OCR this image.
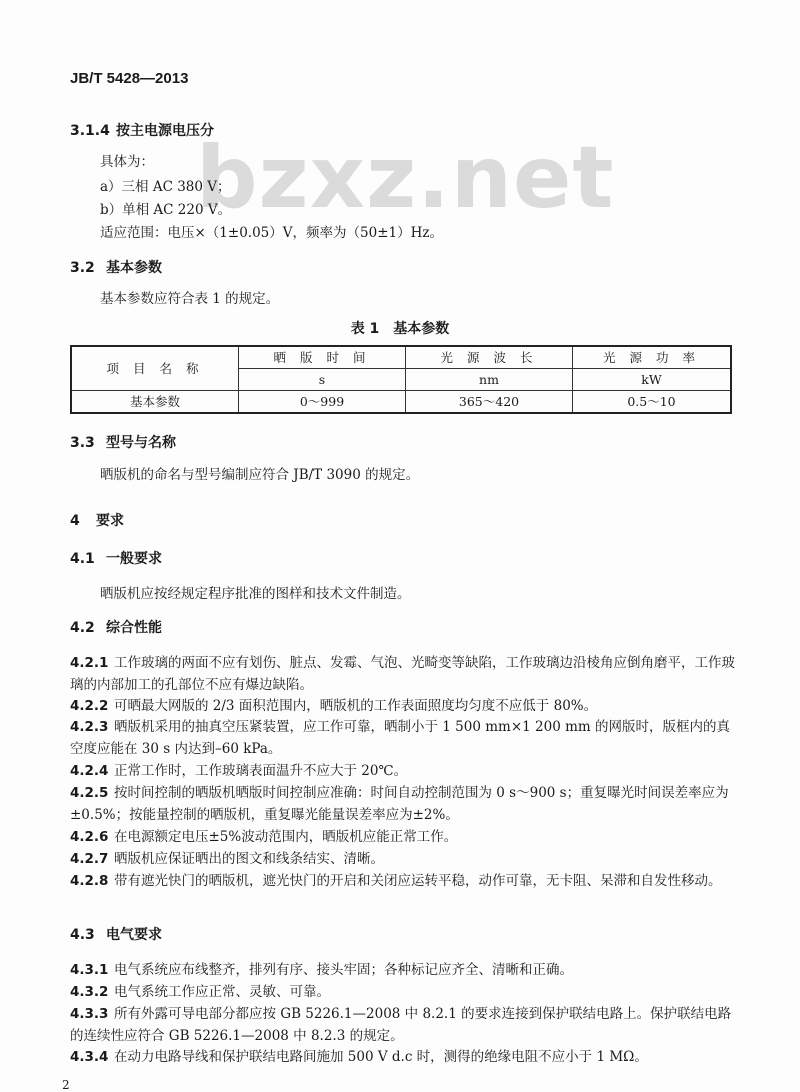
JB/T 5428—2013
bzxz.net
3.1.4 按主电源电压分
具体为：
a）三相 AC 380 V；
b）单相 AC 220 V。
适应范围：电压×（1±0.05）V，频率为（50±1）Hz。
3.2 基本参数
基本参数应符合表 1 的规定。
表 1　基本参数
项 目 名 称	晒 版 时 间	光 源 波 长	光 源 功 率
	s	nm	kW
基本参数	0～999	365～420	0.5～10
3.3 型号与名称
晒版机的命名与型号编制应符合 JB/T 3090 的规定。
4 要求
4.1 一般要求
晒版机应按经规定程序批准的图样和技术文件制造。
4.2 综合性能
4.2.1 工作玻璃的两面不应有划伤、脏点、发霉、气泡、光畸变等缺陷，工作玻璃边沿棱角应倒角磨平，工作玻璃的内部加工的孔部位不应有爆边缺陷。
4.2.2 可晒最大网版的 2/3 面积范围内，晒版机的工作表面照度均匀度不应低于 80%。
4.2.3 晒版机采用的抽真空压紧装置，应工作可靠，晒制小于 1 500 mm×1 200 mm 的网版时，版框内的真空度应能在 30 s 内达到–60 kPa。
4.2.4 正常工作时，工作玻璃表面温升不应大于 20℃。
4.2.5 按时间控制的晒版机晒版时间控制应准确：时间自动控制范围为 0 s～900 s；重复曝光时间误差率应为±0.5%；按能量控制的晒版机，重复曝光能量误差率应为±2%。
4.2.6 在电源额定电压±5%波动范围内，晒版机应能正常工作。
4.2.7 晒版机应保证晒出的图文和线条结实、清晰。
4.2.8 带有遮光快门的晒版机，遮光快门的开启和关闭应运转平稳，动作可靠，无卡阻、呆滞和自发性移动。
4.3 电气要求
4.3.1 电气系统应布线整齐，排列有序、接头牢固；各种标记应齐全、清晰和正确。
4.3.2 电气系统工作应正常、灵敏、可靠。
4.3.3 所有外露可导电部分都应按 GB 5226.1—2008 中 8.2.1 的要求连接到保护联结电路上。保护联结电路的连续性应符合 GB 5226.1—2008 中 8.2.3 的规定。
4.3.4 在动力电路导线和保护联结电路间施加 500 V d.c 时，测得的绝缘电阻不应小于 1 MΩ。
2
